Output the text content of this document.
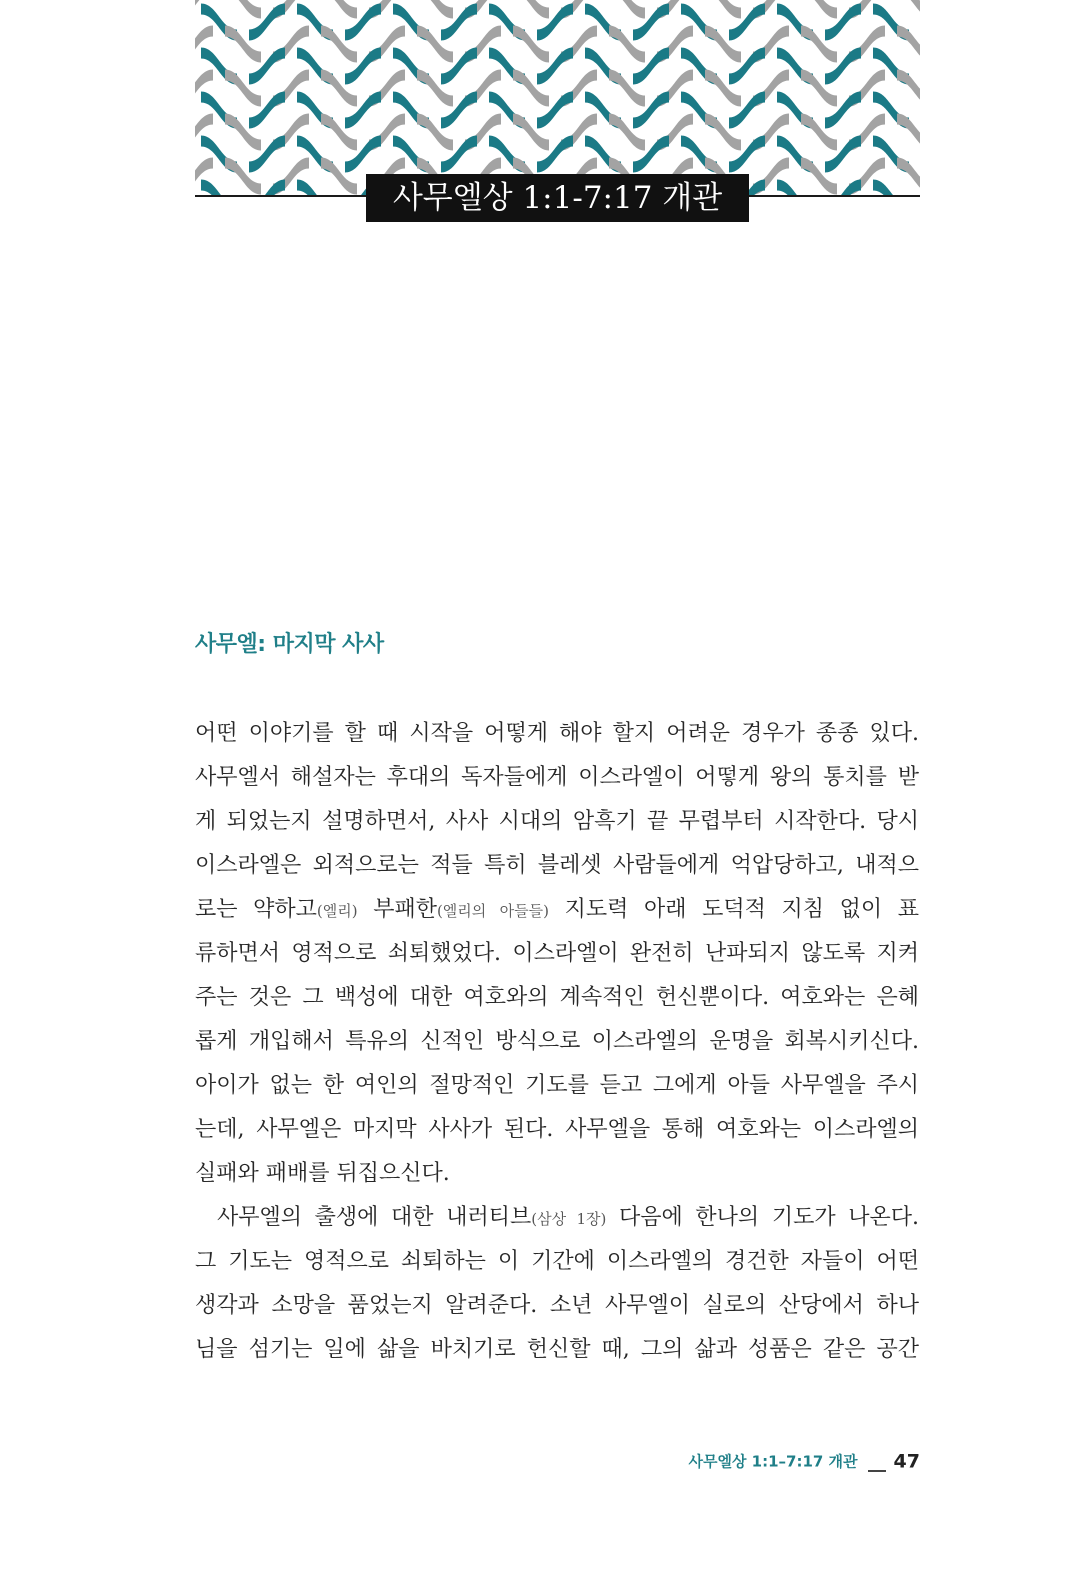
사무엘상 1:1-7:17 개관
사무엘: 마지막 사사
어떤 이야기를 할 때 시작을 어떻게 해야 할지 어려운 경우가 종종 있다.
사무엘서 해설자는 후대의 독자들에게 이스라엘이 어떻게 왕의 통치를 받
게 되었는지 설명하면서, 사사 시대의 암흑기 끝 무렵부터 시작한다. 당시
이스라엘은 외적으로는 적들 특히 블레셋 사람들에게 억압당하고, 내적으
로는 약하고(엘리) 부패한(엘리의 아들들) 지도력 아래 도덕적 지침 없이 표
류하면서 영적으로 쇠퇴했었다. 이스라엘이 완전히 난파되지 않도록 지켜
주는 것은 그 백성에 대한 여호와의 계속적인 헌신뿐이다. 여호와는 은혜
롭게 개입해서 특유의 신적인 방식으로 이스라엘의 운명을 회복시키신다.
아이가 없는 한 여인의 절망적인 기도를 듣고 그에게 아들 사무엘을 주시
는데, 사무엘은 마지막 사사가 된다. 사무엘을 통해 여호와는 이스라엘의
실패와 패배를 뒤집으신다.
사무엘의 출생에 대한 내러티브(삼상 1장) 다음에 한나의 기도가 나온다.
그 기도는 영적으로 쇠퇴하는 이 기간에 이스라엘의 경건한 자들이 어떤
생각과 소망을 품었는지 알려준다. 소년 사무엘이 실로의 산당에서 하나
님을 섬기는 일에 삶을 바치기로 헌신할 때, 그의 삶과 성품은 같은 공간
사무엘상 1:1–7:17 개관 47
